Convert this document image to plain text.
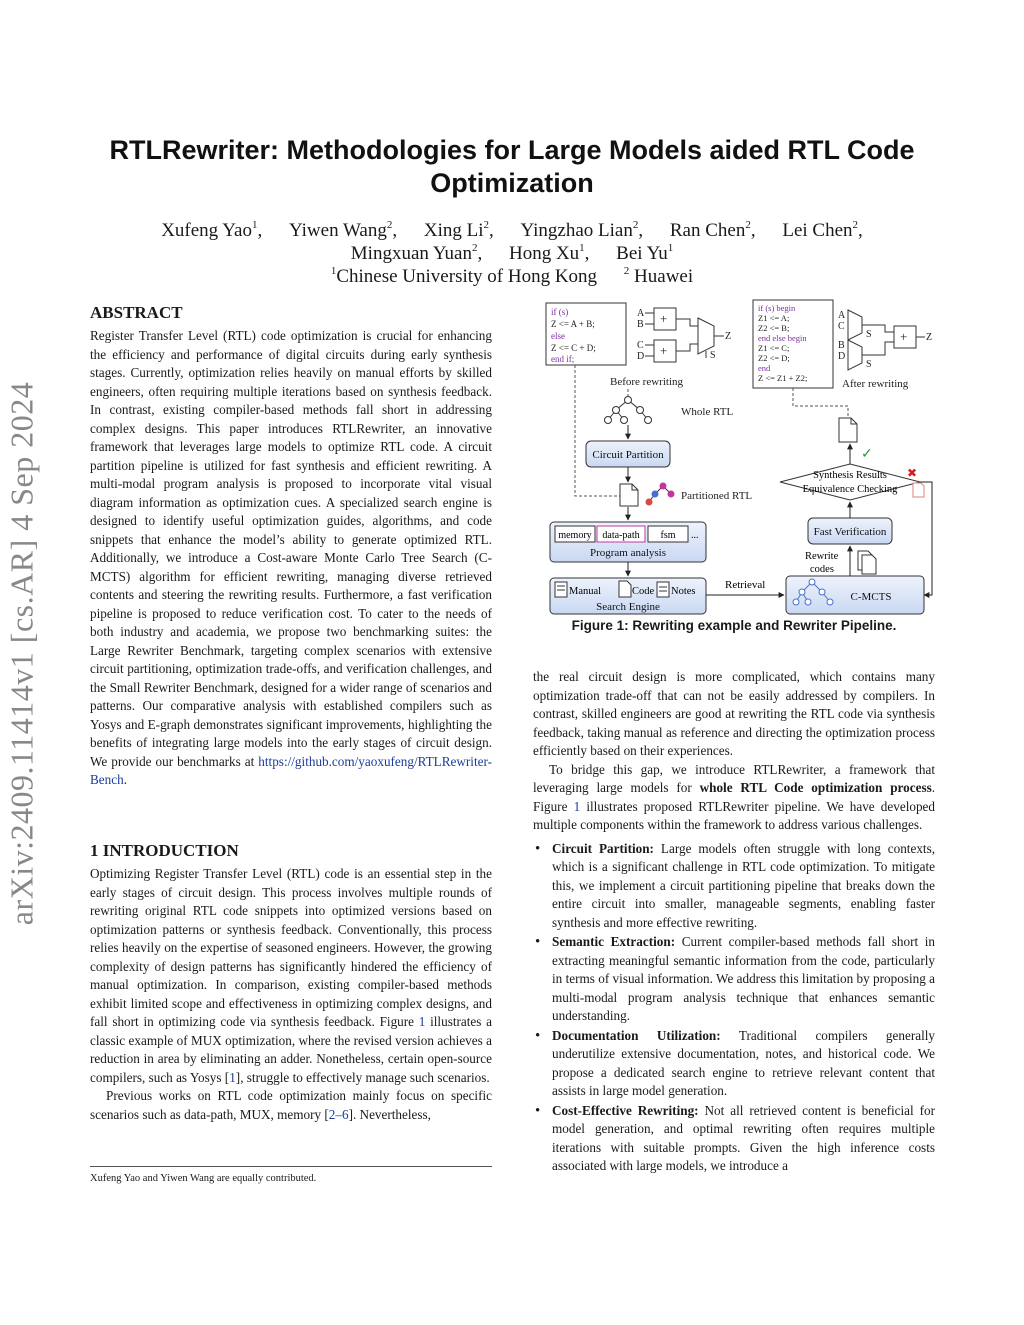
arXiv:2409.11414v1 [cs.AR] 4 Sep 2024
RTLRewriter: Methodologies for Large Models aided RTL Code Optimization
Xufeng Yao$^1$, Yiwen Wang$^2$, Xing Li$^2$, Yingzhao Lian$^2$, Ran Chen$^2$, Lei Chen$^2$,
Mingxuan Yuan$^2$, Hong Xu$^1$, Bei Yu$^1$
$^1$Chinese University of Hong Kong $^2$ Huawei
ABSTRACT
Register Transfer Level (RTL) code optimization is crucial for enhancing the efficiency and performance of digital circuits during early synthesis stages. Currently, optimization relies heavily on manual efforts by skilled engineers, often requiring multiple iterations based on synthesis feedback. In contrast, existing compiler-based methods fall short in addressing complex designs. This paper introduces RTLRewriter, an innovative framework that leverages large models to optimize RTL code. A circuit partition pipeline is utilized for fast synthesis and efficient rewriting. A multi-modal program analysis is proposed to incorporate vital visual diagram information as optimization cues. A specialized search engine is designed to identify useful optimization guides, algorithms, and code snippets that enhance the model’s ability to generate optimized RTL. Additionally, we introduce a Cost-aware Monte Carlo Tree Search (C-MCTS) algorithm for efficient rewriting, managing diverse retrieved contents and steering the rewriting results. Furthermore, a fast verification pipeline is proposed to reduce verification cost. To cater to the needs of both industry and academia, we propose two benchmarking suites: the Large Rewriter Benchmark, targeting complex scenarios with extensive circuit partitioning, optimization trade-offs, and verification challenges, and the Small Rewriter Benchmark, designed for a wider range of scenarios and patterns. Our comparative analysis with established compilers such as Yosys and E-graph demonstrates significant improvements, highlighting the benefits of integrating large models into the early stages of circuit design. We provide our benchmarks at https://github.com/yaoxufeng/RTLRewriter-Bench.
1 INTRODUCTION
Optimizing Register Transfer Level (RTL) code is an essential step in the early stages of circuit design. This process involves multiple rounds of rewriting original RTL code snippets into optimized versions based on optimization patterns or synthesis feedback. Conventionally, this process relies heavily on the expertise of seasoned engineers. However, the growing complexity of design patterns has significantly hindered the efficiency of manual optimization. In comparison, existing compiler-based methods exhibit limited scope and effectiveness in optimizing complex designs, and fall short in optimizing code via synthesis feedback. Figure 1 illustrates a classic example of MUX optimization, where the revised version achieves a reduction in area by eliminating an adder. Nonetheless, certain open-source compilers, such as Yosys [1], struggle to effectively manage such scenarios.
Previous works on RTL code optimization mainly focus on specific scenarios such as data-path, MUX, memory [2–6]. Nevertheless,
Xufeng Yao and Yiwen Wang are equally contributed.
if (s)
Z <= A + B;
else
Z <= C + D;
end if;
A
B
C
D
+
+
Z
S
Before rewriting
if (s) begin
Z1 <= A;
Z2 <= B;
end else begin
Z1 <= C;
Z2 <= D;
end
Z <= Z1 + Z2;
A
C
B
D
S
S
+ Z
After rewriting
Whole RTL
Circuit Partition
Partitioned RTL
memory data-path fsm ...
Program analysis
Manual	Code Notes
Search Engine
Retrieval
C-MCTS
Rewrite
codes
Fast Verification
Synthesis Results
Equivalence Checking
✖
✓
Figure 1: Rewriting example and Rewriter Pipeline.
the real circuit design is more complicated, which contains many optimization trade-off that can not be easily addressed by compilers. In contrast, skilled engineers are good at rewriting the RTL code via synthesis feedback, taking manual as reference and directing the optimization process efficiently based on their experiences.
To bridge this gap, we introduce RTLRewriter, a framework that leveraging large models for whole RTL Code optimization process. Figure 1 illustrates proposed RTLRewriter pipeline. We have developed multiple components within the framework to address various challenges.
• Circuit Partition: Large models often struggle with long contexts, which is a significant challenge in RTL code optimization. To mitigate this, we implement a circuit partitioning pipeline that breaks down the entire circuit into smaller, manageable segments, enabling faster synthesis and more effective rewriting.
• Semantic Extraction: Current compiler-based methods fall short in extracting meaningful semantic information from the code, particularly in terms of visual information. We address this limitation by proposing a multi-modal program analysis technique that enhances semantic understanding.
• Documentation Utilization: Traditional compilers generally underutilize extensive documentation, notes, and historical code. We propose a dedicated search engine to retrieve relevant content that assists in large model generation.
• Cost-Effective Rewriting: Not all retrieved content is beneficial for model generation, and optimal rewriting often requires multiple iterations with suitable prompts. Given the high inference costs associated with large models, we introduce a
